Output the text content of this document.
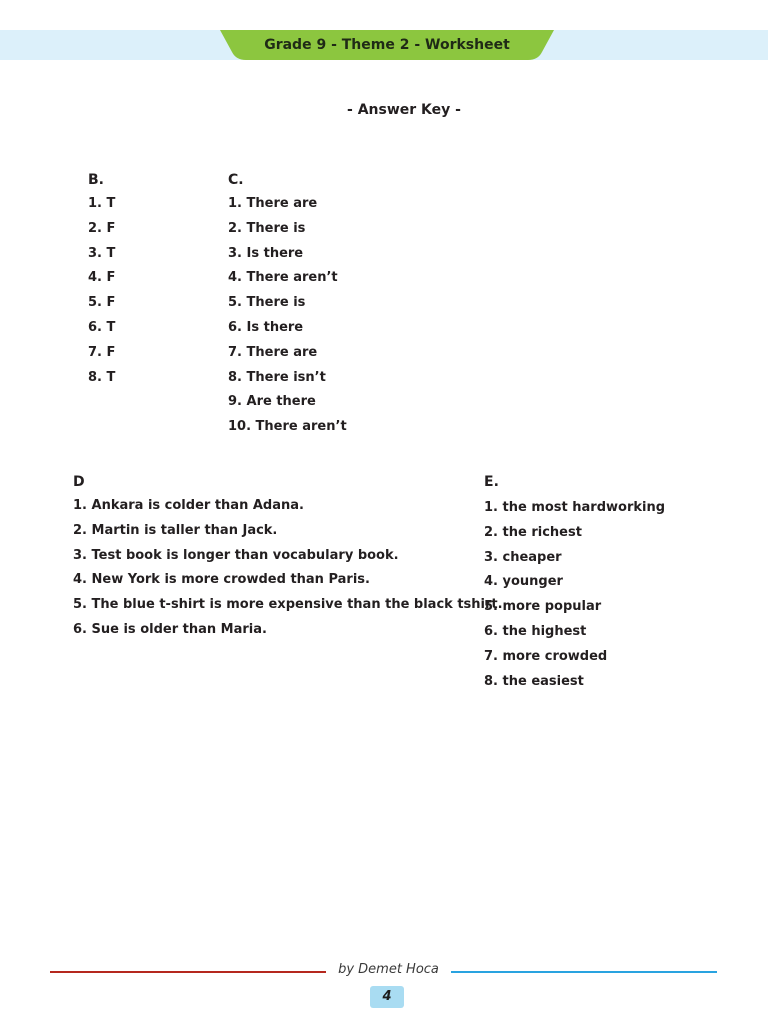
Grade 9 - Theme 2 - Worksheet
- Answer Key -
B.
1. T
2. F
3. T
4. F
5. F
6. T
7. F
8. T
C.
1. There are
2. There is
3. Is there
4. There aren’t
5. There is
6. Is there
7. There are
8. There isn’t
9. Are there
10. There aren’t
D
1. Ankara is colder than Adana.
2. Martin is taller than Jack.
3. Test book is longer than vocabulary book.
4. New York is more crowded than Paris.
5. The blue t-shirt is more expensive than the black tshirt.
6. Sue is older than Maria.
E.
1. the most hardworking
2. the richest
3. cheaper
4. younger
5. more popular
6. the highest
7. more crowded
8. the easiest
by Demet Hoca
4
